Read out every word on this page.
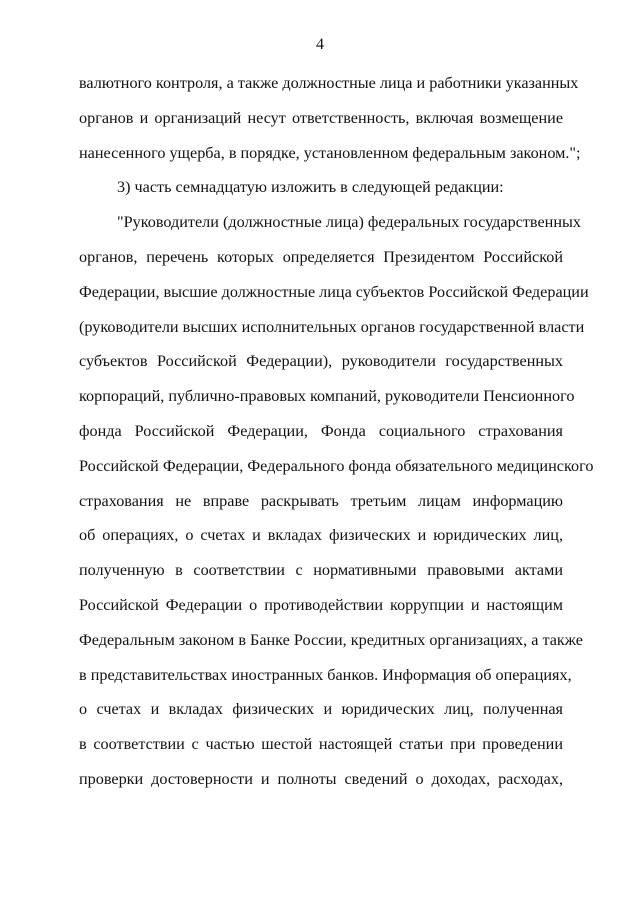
4
валютного контроля, а также должностные лица и работники указанных
органов и организаций несут ответственность, включая возмещение
нанесенного ущерба, в порядке, установленном федеральным законом.";
3) часть семнадцатую изложить в следующей редакции:
"Руководители (должностные лица) федеральных государственных
органов, перечень которых определяется Президентом Российской
Федерации, высшие должностные лица субъектов Российской Федерации
(руководители высших исполнительных органов государственной власти
субъектов Российской Федерации), руководители государственных
корпораций, публично-правовых компаний, руководители Пенсионного
фонда Российской Федерации, Фонда социального страхования
Российской Федерации, Федерального фонда обязательного медицинского
страхования не вправе раскрывать третьим лицам информацию
об операциях, о счетах и вкладах физических и юридических лиц,
полученную в соответствии с нормативными правовыми актами
Российской Федерации о противодействии коррупции и настоящим
Федеральным законом в Банке России, кредитных организациях, а также
в представительствах иностранных банков. Информация об операциях,
о счетах и вкладах физических и юридических лиц, полученная
в соответствии с частью шестой настоящей статьи при проведении
проверки достоверности и полноты сведений о доходах, расходах,
